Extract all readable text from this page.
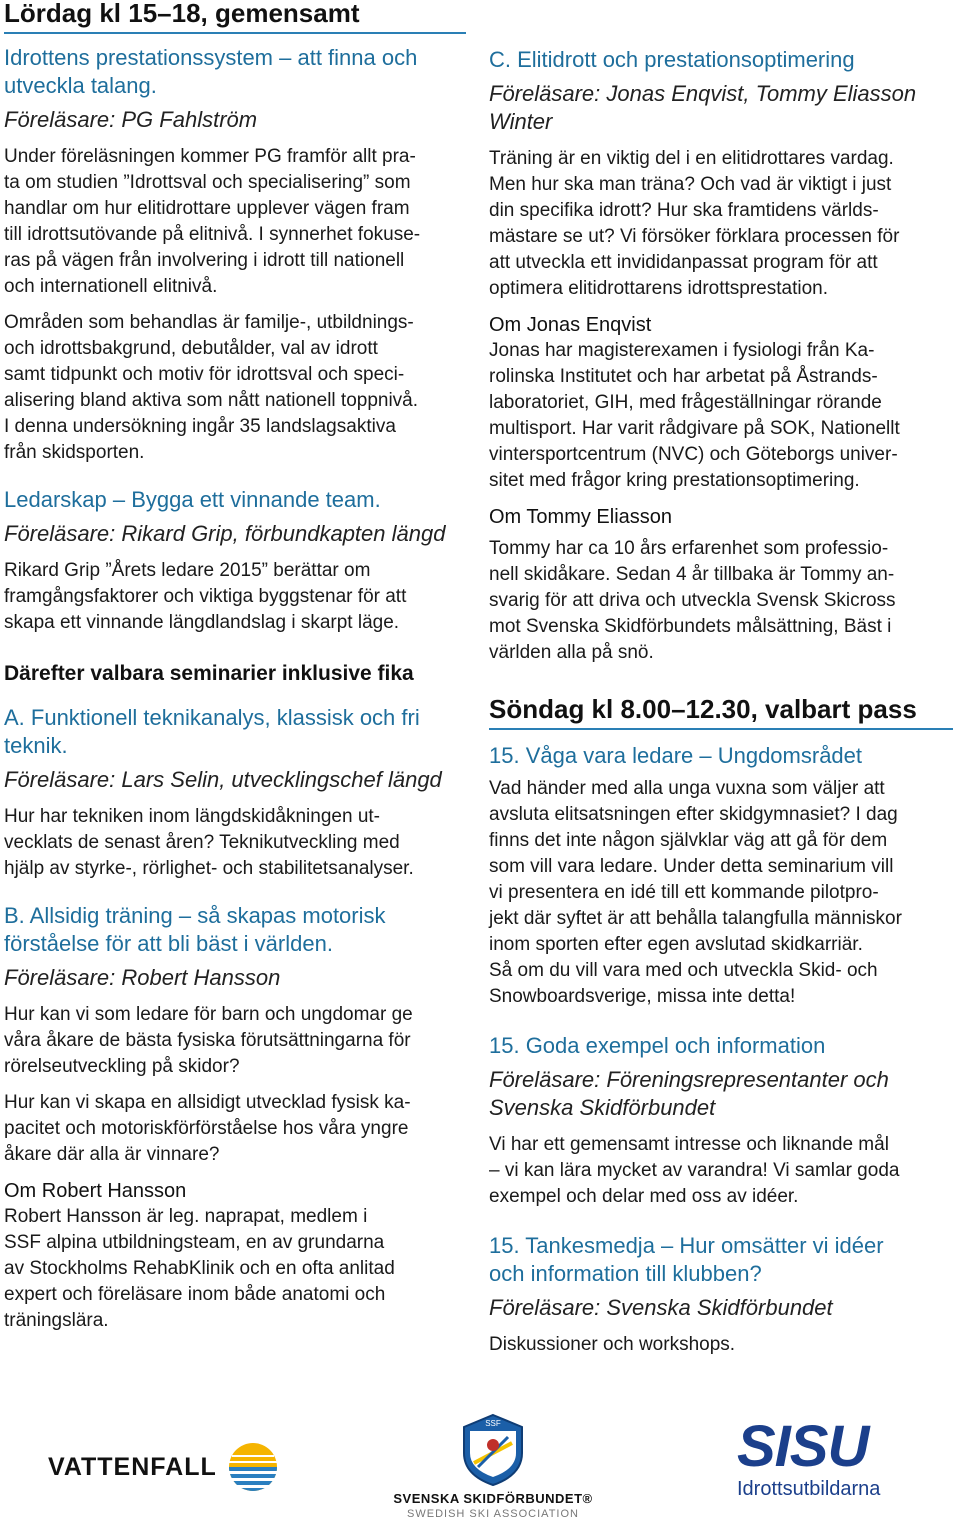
Lördag kl 15–18, gemensamt

Idrottens prestationssystem – att finna och
utveckla talang.

Föreläsare: PG Fahlström

Under föreläsningen kommer PG framför allt pra-
ta om studien ”Idrottsval och specialisering” som
handlar om hur elitidrottare upplever vägen fram
till idrottsutövande på elitnivå. I synnerhet fokuse-
ras på vägen från involvering i idrott till nationell
och internationell elitnivå.

Områden som behandlas är familje-, utbildnings-
och idrottsbakgrund, debutålder, val av idrott
samt tidpunkt och motiv för idrottsval och speci-
alisering bland aktiva som nått nationell toppnivå.
I denna undersökning ingår 35 landslagsaktiva
från skidsporten.

Ledarskap – Bygga ett vinnande team.

Föreläsare: Rikard Grip, förbundkapten längd

Rikard Grip ”Årets ledare 2015” berättar om
framgångsfaktorer och viktiga byggstenar för att
skapa ett vinnande längdlandslag i skarpt läge.

Därefter valbara seminarier inklusive fika

A. Funktionell teknikanalys, klassisk och fri
teknik.

Föreläsare: Lars Selin, utvecklingschef längd

Hur har tekniken inom längdskidåkningen ut-
vecklats de senast åren? Teknikutveckling med
hjälp av styrke-, rörlighet- och stabilitetsanalyser.

B. Allsidig träning – så skapas motorisk
förståelse för att bli bäst i världen.

Föreläsare: Robert Hansson

Hur kan vi som ledare för barn och ungdomar ge
våra åkare de bästa fysiska förutsättningarna för
rörelseutveckling på skidor?

Hur kan vi skapa en allsidigt utvecklad fysisk ka-
pacitet och motoriskförförståelse hos våra yngre
åkare där alla är vinnare?

Om Robert Hansson

Robert Hansson är leg. naprapat, medlem i
SSF alpina utbildningsteam, en av grundarna
av Stockholms RehabKlinik och en ofta anlitad
expert och föreläsare inom både anatomi och
träningslära.

C. Elitidrott och prestationsoptimering

Föreläsare: Jonas Enqvist, Tommy Eliasson
Winter

Träning är en viktig del i en elitidrottares vardag.
Men hur ska man träna? Och vad är viktigt i just
din specifika idrott? Hur ska framtidens världs-
mästare se ut? Vi försöker förklara processen för
att utveckla ett invididanpassat program för att
optimera elitidrottarens idrottsprestation.

Om Jonas Enqvist

Jonas har magisterexamen i fysiologi från Ka-
rolinska Institutet och har arbetat på Åstrands-
laboratoriet, GIH, med frågeställningar rörande
multisport. Har varit rådgivare på SOK, Nationellt
vintersportcentrum (NVC) och Göteborgs univer-
sitet med frågor kring prestationsoptimering.

Om Tommy Eliasson

Tommy har ca 10 års erfarenhet som professio-
nell skidåkare. Sedan 4 år tillbaka är Tommy an-
svarig för att driva och utveckla Svensk Skicross
mot Svenska Skidförbundets målsättning, Bäst i
världen alla på snö.

Söndag kl 8.00–12.30, valbart pass

15. Våga vara ledare – Ungdomsrådet

Vad händer med alla unga vuxna som väljer att
avsluta elitsatsningen efter skidgymnasiet? I dag
finns det inte någon självklar väg att gå för dem
som vill vara ledare. Under detta seminarium vill
vi presentera en idé till ett kommande pilotpro-
jekt där syftet är att behålla talangfulla människor
inom sporten efter egen avslutad skidkarriär.
Så om du vill vara med och utveckla Skid- och
Snowboardsverige, missa inte detta!

15. Goda exempel och information

Föreläsare: Föreningsrepresentanter och
Svenska Skidförbundet

Vi har ett gemensamt intresse och liknande mål
– vi kan lära mycket av varandra! Vi samlar goda
exempel och delar med oss av idéer.

15. Tankesmedja – Hur omsätter vi idéer
och information till klubben?

Föreläsare: Svenska Skidförbundet

Diskussioner och workshops.

VATTENFALL
SSF
SVENSKA SKIDFÖRBUNDET®
SWEDISH SKI ASSOCIATION
SISU
Idrottsutbildarna
